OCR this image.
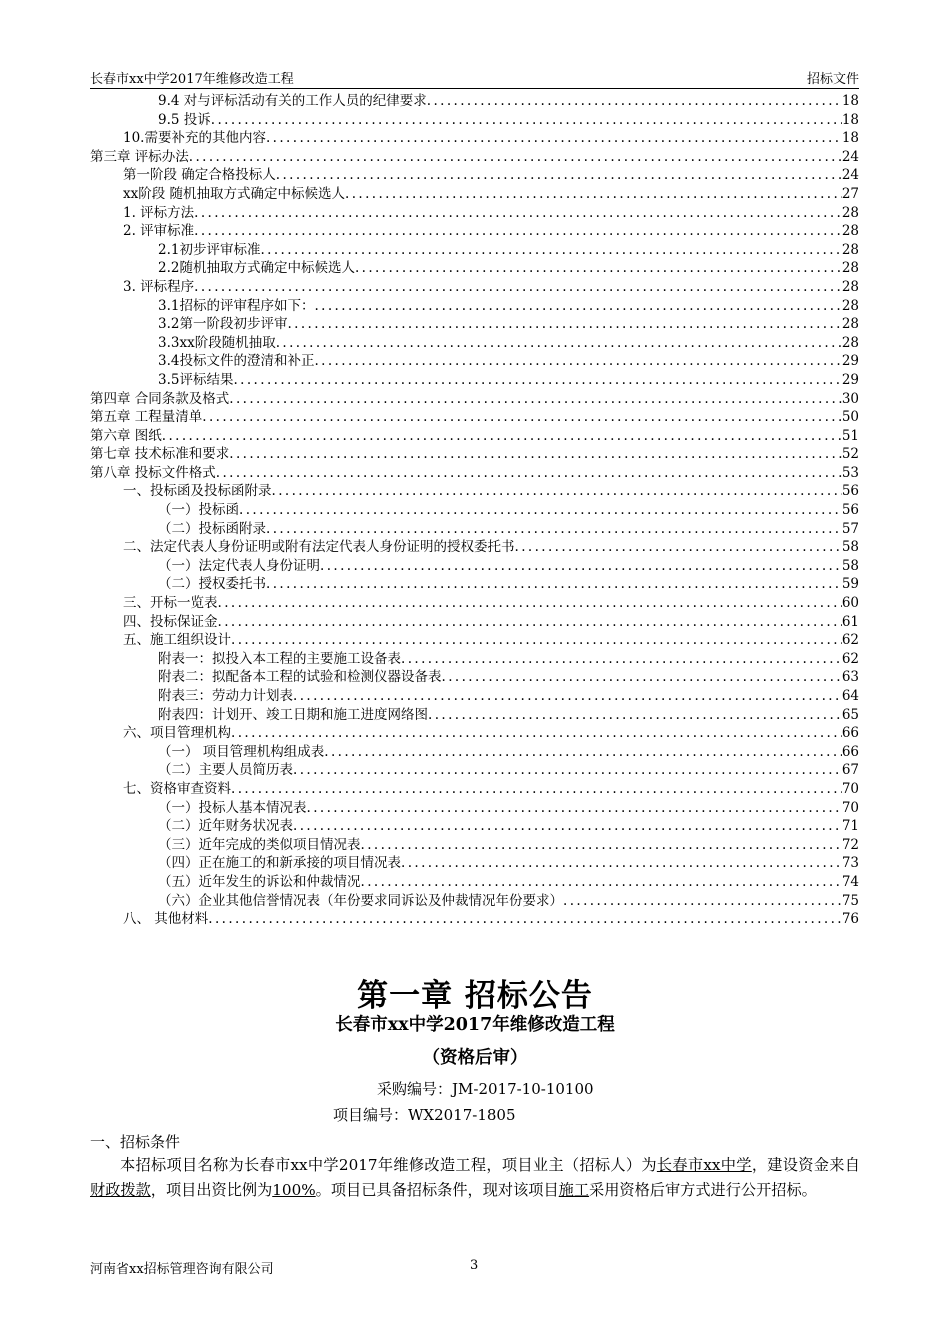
长春市xx中学2017年维修改造工程	招标文件
9.4 对与评标活动有关的工作人员的纪律要求 .....	18
9.5 投诉 .....	18
10.需要补充的其他内容 .....	18
第三章 评标办法 .....	24
第一阶段 确定合格投标人 .....	24
xx阶段 随机抽取方式确定中标候选人 .....	27
1. 评标方法 .....	28
2. 评审标准 .....	28
2.1初步评审标准 .....	28
2.2随机抽取方式确定中标候选人 .....	28
3. 评标程序 .....	28
3.1招标的评审程序如下： .....	28
3.2第一阶段初步评审 .....	28
3.3xx阶段随机抽取 .....	28
3.4投标文件的澄清和补正 .....	29
3.5评标结果 .....	29
第四章 合同条款及格式 .....	30
第五章 工程量清单 .....	50
第六章 图纸 .....	51
第七章 技术标准和要求 .....	52
第八章 投标文件格式 .....	53
一、投标函及投标函附录 .....	56
（一）投标函 .....	56
（二）投标函附录 .....	57
二、法定代表人身份证明或附有法定代表人身份证明的授权委托书 .....	58
（一）法定代表人身份证明 .....	58
（二）授权委托书 .....	59
三、开标一览表 .....	60
四、投标保证金 .....	61
五、施工组织设计 .....	62
附表一：拟投入本工程的主要施工设备表 .....	62
附表二：拟配备本工程的试验和检测仪器设备表 .....	63
附表三：劳动力计划表 .....	64
附表四：计划开、竣工日期和施工进度网络图 .....	65
六、项目管理机构 .....	66
（一） 项目管理机构组成表 .....	66
（二）主要人员简历表 .....	67
七、资格审查资料 .....	70
（一）投标人基本情况表 .....	70
（二）近年财务状况表 .....	71
（三）近年完成的类似项目情况表 .....	72
（四）正在施工的和新承接的项目情况表 .....	73
（五）近年发生的诉讼和仲裁情况 .....	74
（六）企业其他信誉情况表（年份要求同诉讼及仲裁情况年份要求） .....	75
八、 其他材料 .....	76
第一章 招标公告
长春市xx中学2017年维修改造工程
（资格后审）
采购编号：JM-2017-10-10100
项目编号：WX2017-1805
一、招标条件
本招标项目名称为长春市xx中学2017年维修改造工程，项目业主（招标人）为长春市xx中学，建设资金来自财政拨款，项目出资比例为100%。项目已具备招标条件，现对该项目施工采用资格后审方式进行公开招标。
河南省xx招标管理咨询有限公司	3
